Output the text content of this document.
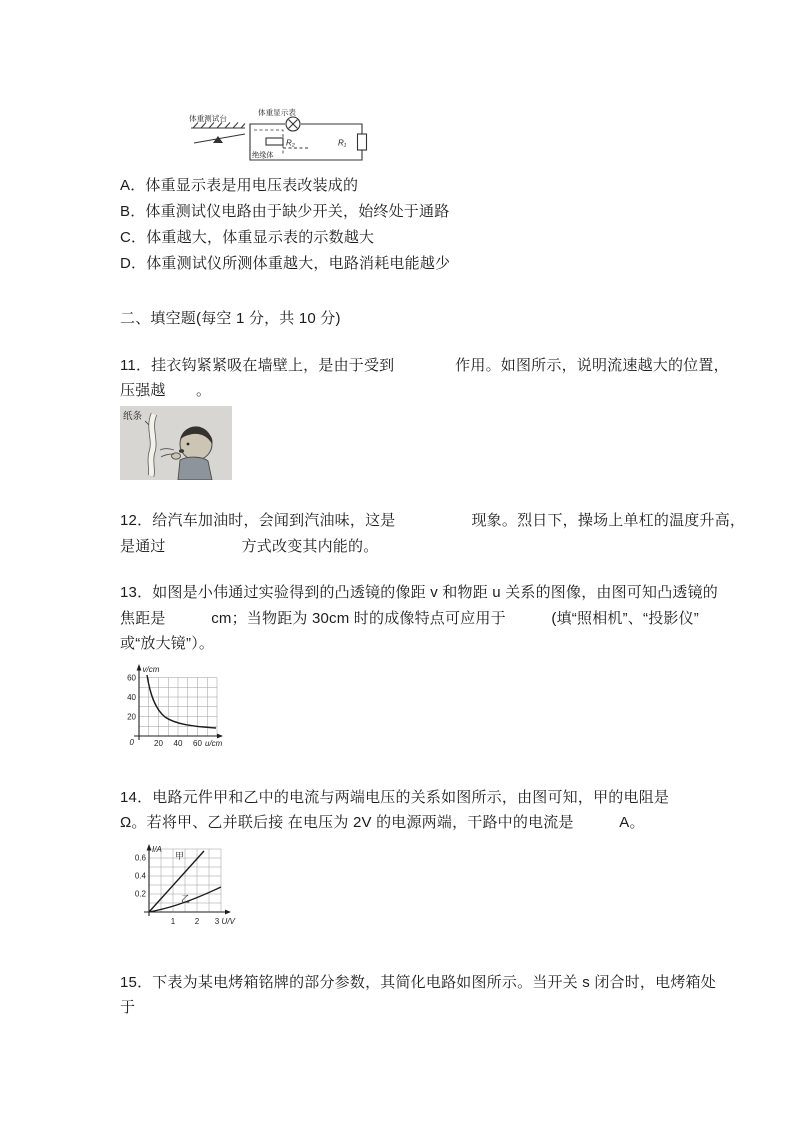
体重测试台
体重显示表
R₂	R₁
绝缘体
A．体重显示表是用电压表改装成的
B．体重测试仪电路由于缺少开关，始终处于通路
C．体重越大，体重显示表的示数越大
D．体重测试仪所测体重越大，电路消耗电能越少
二、填空题(每空 1 分，共 10 分)
11．挂衣钩紧紧吸在墙壁上，是由于受到　　　　作用。如图所示，说明流速越大的位置，
压强越　　。
纸条
12．给汽车加油时，会闻到汽油味，这是　　　　　现象。烈日下，操场上单杠的温度升高，
是通过　　　　　方式改变其内能的。
13．如图是小伟通过实验得到的凸透镜的像距 v 和物距 u 关系的图像，由图可知凸透镜的
焦距是　　　cm；当物距为 30cm 时的成像特点可应用于　　　(填“照相机”、“投影仪”
或“放大镜”）。
v/cm
60
40
20
0	20 40 60 u/cm
14．电路元件甲和乙中的电流与两端电压的关系如图所示，由图可知，甲的电阻是
Ω。若将甲、乙并联后接 在电压为 2V 的电源两端，干路中的电流是　　　A。
I/A
0.6
0.4
0.2
1 2 3 U/V
甲
乙
15．下表为某电烤箱铭牌的部分参数，其简化电路如图所示。当开关 s 闭合时，电烤箱处
于
